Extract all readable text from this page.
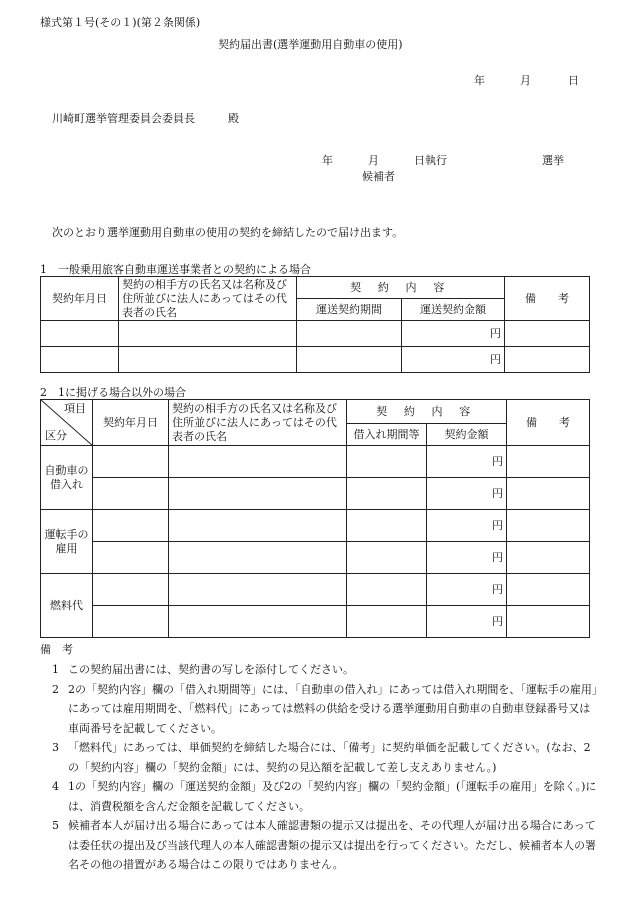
様式第１号(その１)(第２条関係)
契約届出書(選挙運動用自動車の使用)
年	月	日
川崎町選挙管理委員会委員長	殿
年	月	日執行	選挙
候補者
次のとおり選挙運動用自動車の使用の契約を締結したので届け出ます。
1　一般乗用旅客自動車運送事業者との契約による場合
契約年月日	契約の相手方の氏名又は名称及び住所並びに法人にあってはその代表者の氏名	契 約 内 容		備　　考
		運送契約期間	運送契約金額	
			円	
			円	
2　1に掲げる場合以外の場合
項目
区分	契約年月日	契約の相手方の氏名又は名称及び住所並びに法人にあってはその代表者の氏名	契 約 内 容		備　　考
			借入れ期間等	契約金額	
自動車の借入れ				円	
				円	
運転手の雇用				円	
				円	
燃料代				円	
				円	
備　考
1 この契約届出書には、契約書の写しを添付してください。
2 2の「契約内容」欄の「借入れ期間等」には、「自動車の借入れ」にあっては借入れ期間を、「運転手の雇用」にあっては雇用期間を、「燃料代」にあっては燃料の供給を受ける選挙運動用自動車の自動車登録番号又は車両番号を記載してください。
3 「燃料代」にあっては、単価契約を締結した場合には、「備考」に契約単価を記載してください。(なお、2の「契約内容」欄の「契約金額」には、契約の見込額を記載して差し支えありません。)
4 1の「契約内容」欄の「運送契約金額」及び2の「契約内容」欄の「契約金額」(「運転手の雇用」を除く。)には、消費税額を含んだ金額を記載してください。
5 候補者本人が届け出る場合にあっては本人確認書類の提示又は提出を、その代理人が届け出る場合にあっては委任状の提出及び当該代理人の本人確認書類の提示又は提出を行ってください。ただし、候補者本人の署名その他の措置がある場合はこの限りではありません。
